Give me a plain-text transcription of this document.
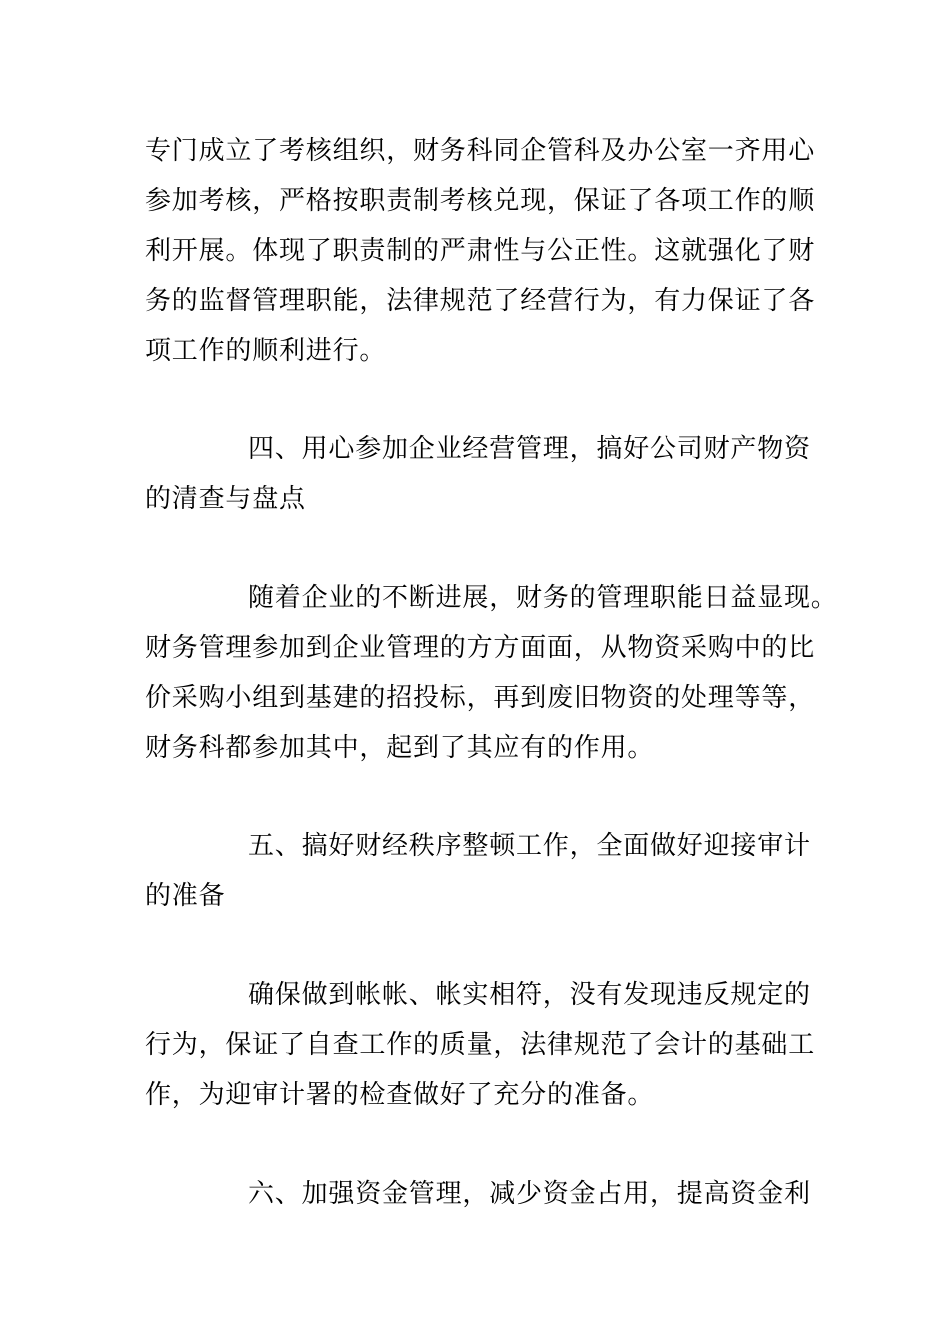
专门成立了考核组织，财务科同企管科及办公室一齐用心
参加考核，严格按职责制考核兑现，保证了各项工作的顺
利开展。体现了职责制的严肃性与公正性。这就强化了财
务的监督管理职能，法律规范了经营行为，有力保证了各
项工作的顺利进行。
四、用心参加企业经营管理，搞好公司财产物资
的清查与盘点
随着企业的不断进展，财务的管理职能日益显现。
财务管理参加到企业管理的方方面面，从物资采购中的比
价采购小组到基建的招投标，再到废旧物资的处理等等，
财务科都参加其中，起到了其应有的作用。
五、搞好财经秩序整顿工作，全面做好迎接审计
的准备
确保做到帐帐、帐实相符，没有发现违反规定的
行为，保证了自查工作的质量，法律规范了会计的基础工
作，为迎审计署的检查做好了充分的准备。
六、加强资金管理，减少资金占用，提高资金利
